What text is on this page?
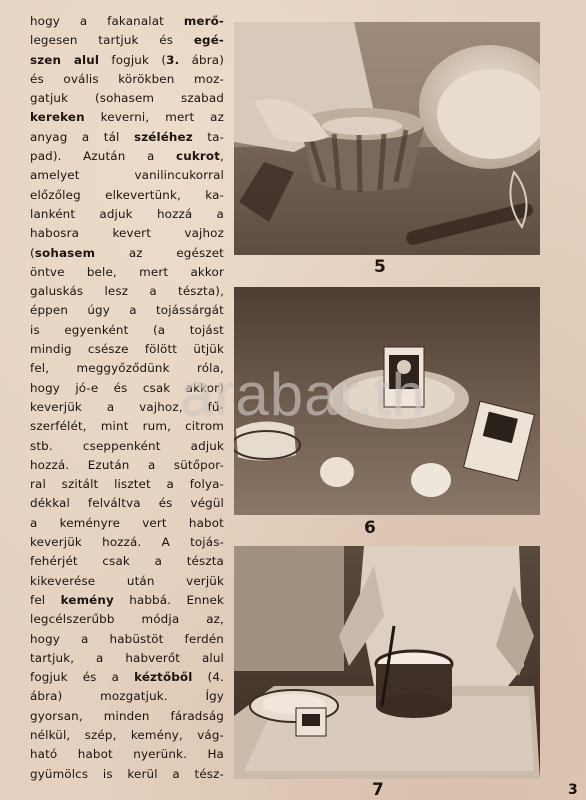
hogy a fakanalat merő-
legesen tartjuk és egé-
szen alul fogjuk (3. ábra)
és ovális körökben moz-
gatjuk (sohasem szabad
kereken keverni, mert az
anyag a tál széléhez ta-
pad). Azután a cukrot,
amelyet vanilincukorral
előzőleg elkevertünk, ka-
lanként adjuk hozzá a
habosra kevert vajhoz
(sohasem az egészet
öntve bele, mert akkor
galuskás lesz a tészta),
éppen úgy a tojássárgát
is egyenként (a tojást
mindig csésze fölött ütjük
fel, meggyőződünk róla,
hogy jó-e és csak akkor)
keverjük a vajhoz, fű-
szerfélét, mint rum, citrom
stb. cseppenként adjuk
hozzá. Ezután a sütőpor-
ral szitált lisztet a folya-
dékkal felváltva és végül
a keményre vert habot
keverjük hozzá. A tojás-
fehérjét csak a tészta
kikeverése után verjük
fel kemény habbá. Ennek
legcélszerűbb módja az,
hogy a habüstöt ferdén
tartjuk, a habverőt alul
fogjuk és a kéztőből (4.
ábra) mozgatjuk. Így
gyorsan, minden fáradság
nélkül, szép, kemény, vág-
ható habot nyerünk. Ha
gyümölcs is kerül a tész-
5
6
7	3
arabar.th
